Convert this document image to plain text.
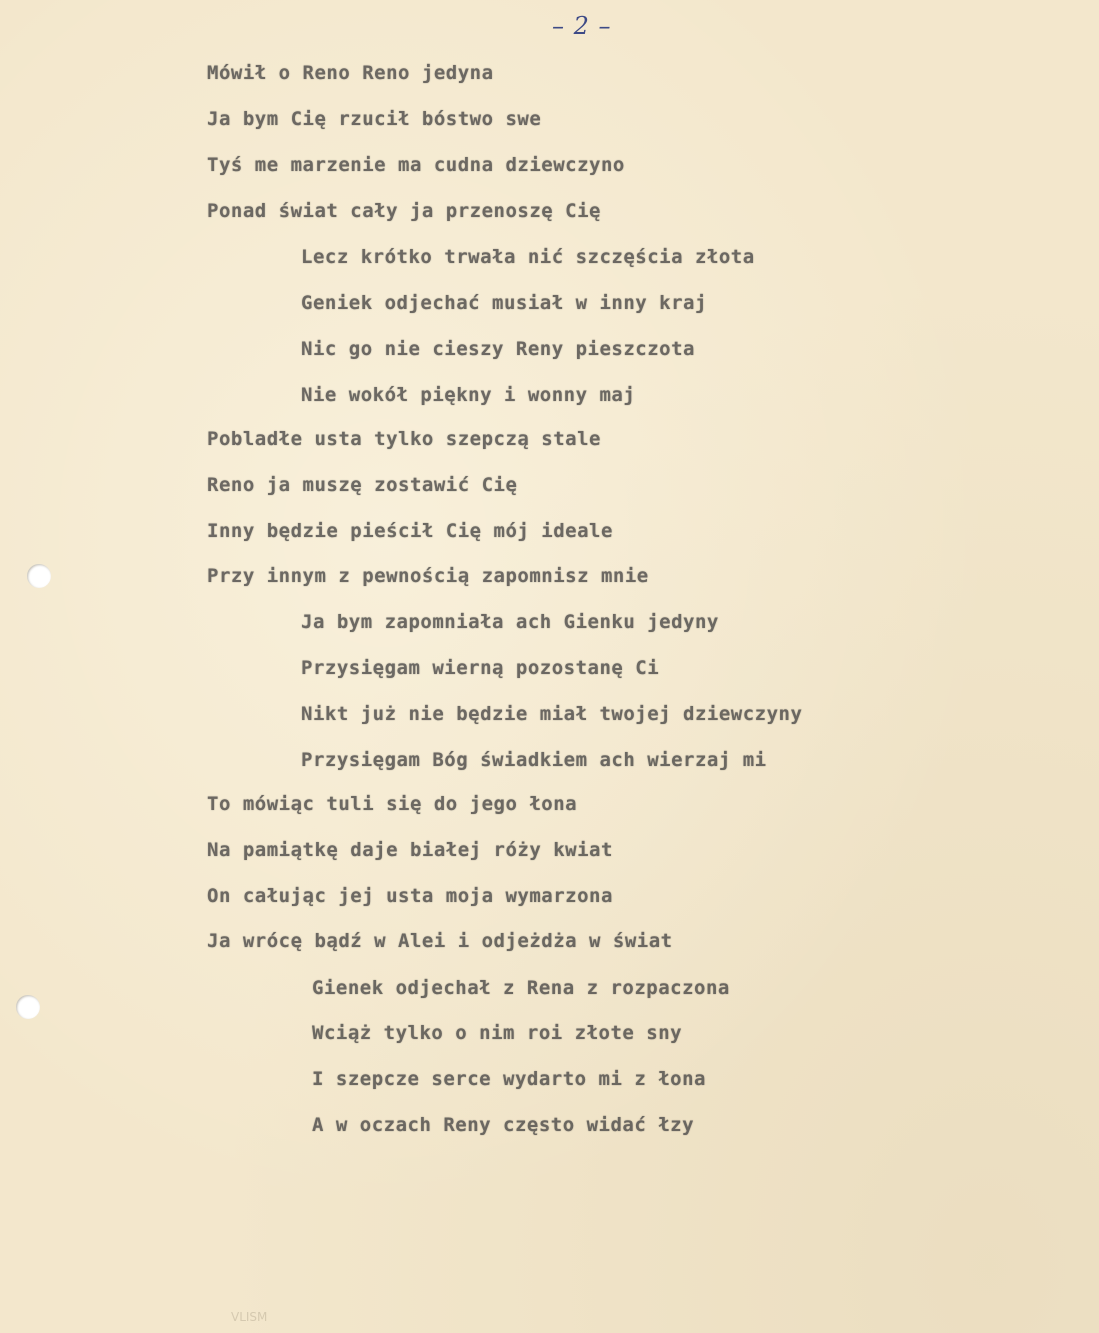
– 2 –
Mówił o Reno Reno jedyna
Ja bym Cię rzucił bóstwo swe
Tyś me marzenie ma cudna dziewczyno
Ponad świat cały ja przenoszę Cię
Lecz krótko trwała nić szczęścia złota
Geniek odjechać musiał w inny kraj
Nic go nie cieszy Reny pieszczota
Nie wokół piękny i wonny maj
Pobladłe usta tylko szepczą stale
Reno ja muszę zostawić Cię
Inny będzie pieścił Cię mój ideale
Przy innym z pewnością zapomnisz mnie
Ja bym zapomniała ach Gienku jedyny
Przysięgam wierną pozostanę Ci
Nikt już nie będzie miał twojej dziewczyny
Przysięgam Bóg świadkiem ach wierzaj mi
To mówiąc tuli się do jego łona
Na pamiątkę daje białej róży kwiat
On całując jej usta moja wymarzona
Ja wrócę bądź w Alei i odjeżdża w świat
Gienek odjechał z Rena z rozpaczona
Wciąż tylko o nim roi złote sny
I szepcze serce wydarto mi z łona
A w oczach Reny często widać łzy
VLISM
